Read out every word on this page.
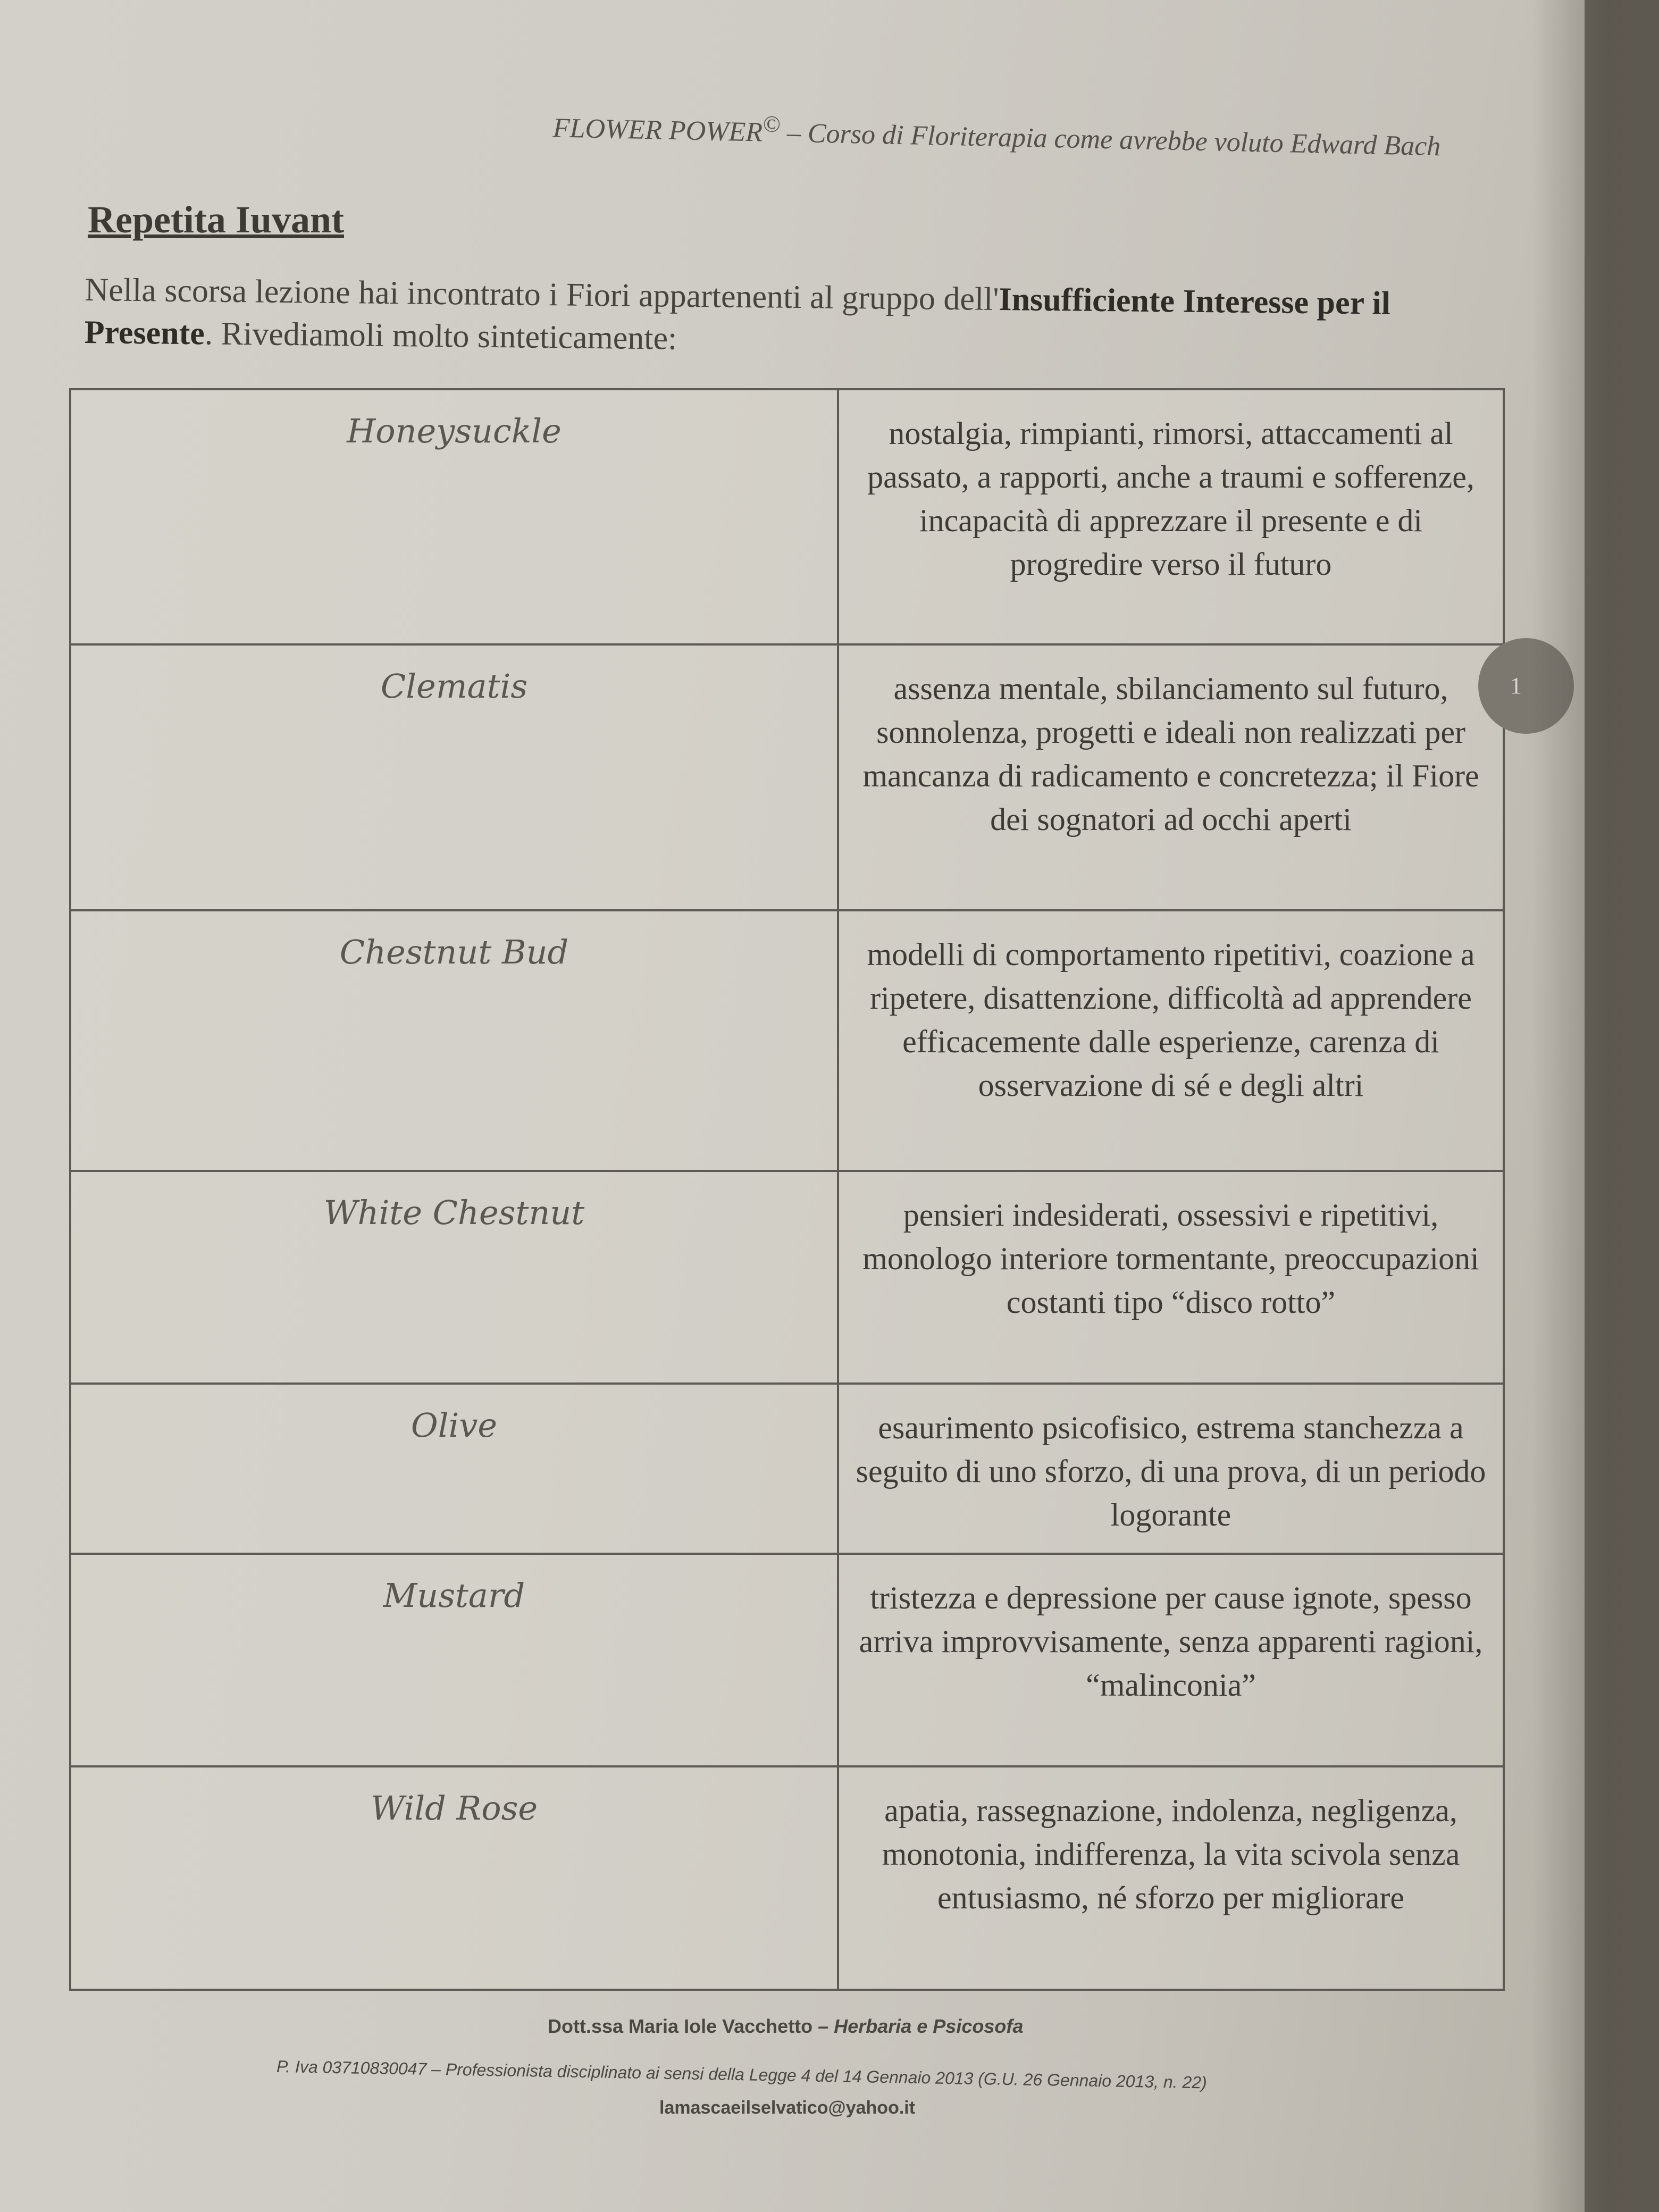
FLOWER POWER© – Corso di Floriterapia come avrebbe voluto Edward Bach
Repetita Iuvant
Nella scorsa lezione hai incontrato i Fiori appartenenti al gruppo dell'Insufficiente Interesse per il Presente. Rivediamoli molto sinteticamente:
Honeysuckle	nostalgia, rimpianti, rimorsi, attaccamenti al passato, a rapporti, anche a traumi e sofferenze, incapacità di apprezzare il presente e di progredire verso il futuro
Clematis	assenza mentale, sbilanciamento sul futuro, sonnolenza, progetti e ideali non realizzati per mancanza di radicamento e concretezza; il Fiore dei sognatori ad occhi aperti
Chestnut Bud	modelli di comportamento ripetitivi, coazione a ripetere, disattenzione, difficoltà ad apprendere efficacemente dalle esperienze, carenza di osservazione di sé e degli altri
White Chestnut	pensieri indesiderati, ossessivi e ripetitivi, monologo interiore tormentante, preoccupazioni costanti tipo “disco rotto”
Olive	esaurimento psicofisico, estrema stanchezza a seguito di uno sforzo, di una prova, di un periodo logorante
Mustard	tristezza e depressione per cause ignote, spesso arriva improvvisamente, senza apparenti ragioni, “malinconia”
Wild Rose	apatia, rassegnazione, indolenza, negligenza, monotonia, indifferenza, la vita scivola senza entusiasmo, né sforzo per migliorare
Dott.ssa Maria Iole Vacchetto – Herbaria e Psicosofa
P. Iva 03710830047 – Professionista disciplinato ai sensi della Legge 4 del 14 Gennaio 2013 (G.U. 26 Gennaio 2013, n. 22)
lamascaeilselvatico@yahoo.it
1
